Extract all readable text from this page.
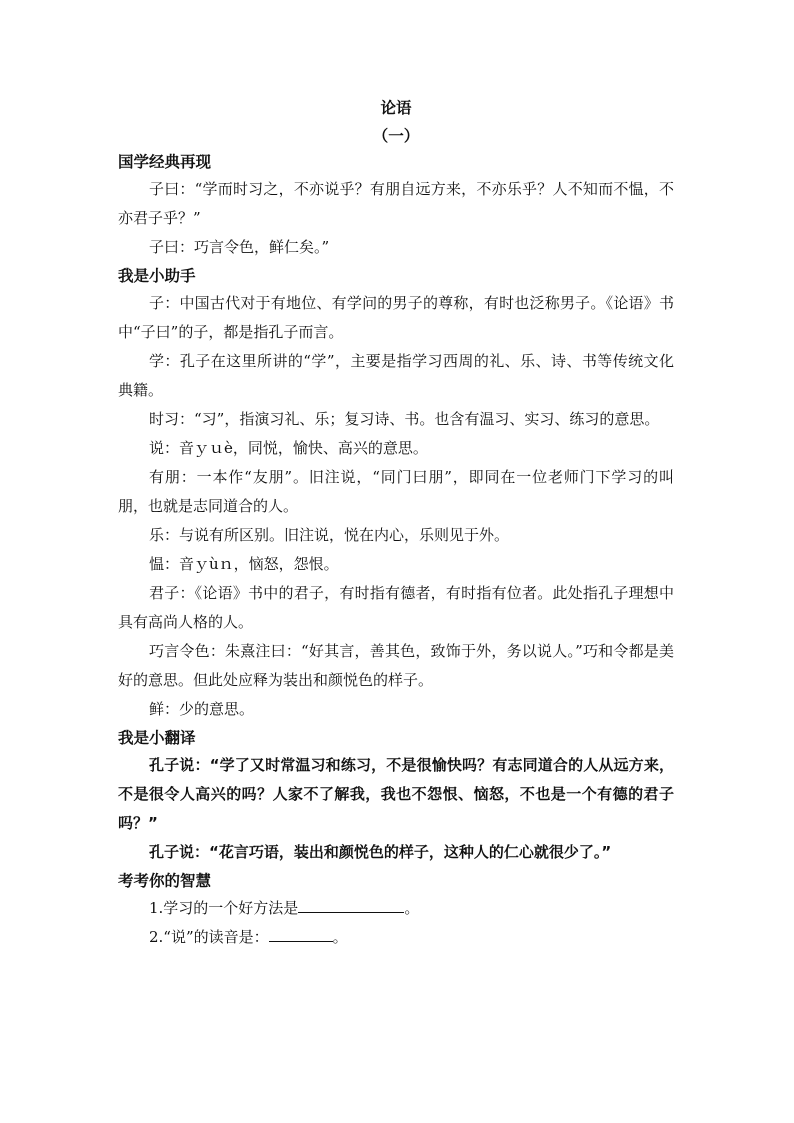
论语

（一）

国学经典再现

子曰：“学而时习之，不亦说乎？有朋自远方来，不亦乐乎？人不知而不愠，不亦君子乎？”

子曰：巧言令色，鲜仁矣。”

我是小助手

子：中国古代对于有地位、有学问的男子的尊称，有时也泛称男子。《论语》书中“子曰”的子，都是指孔子而言。

学：孔子在这里所讲的“学”，主要是指学习西周的礼、乐、诗、书等传统文化典籍。

时习：“习”，指演习礼、乐；复习诗、书。也含有温习、实习、练习的意思。

说：音ｙｕè，同悦，愉快、高兴的意思。

有朋：一本作“友朋”。旧注说，“同门曰朋”，即同在一位老师门下学习的叫朋，也就是志同道合的人。

乐：与说有所区别。旧注说，悦在内心，乐则见于外。

愠：音ｙùｎ，恼怒，怨恨。

君子：《论语》书中的君子，有时指有德者，有时指有位者。此处指孔子理想中具有高尚人格的人。

巧言令色：朱熹注曰：“好其言，善其色，致饰于外，务以说人。”巧和令都是美好的意思。但此处应释为装出和颜悦色的样子。

鲜：少的意思。

我是小翻译

孔子说：“学了又时常温习和练习，不是很愉快吗？有志同道合的人从远方来，不是很令人高兴的吗？人家不了解我，我也不怨恨、恼怒，不也是一个有德的君子吗？”

孔子说：“花言巧语，装出和颜悦色的样子，这种人的仁心就很少了。”

考考你的智慧

1.学习的一个好方法是	。

2.“说”的读音是：	。
